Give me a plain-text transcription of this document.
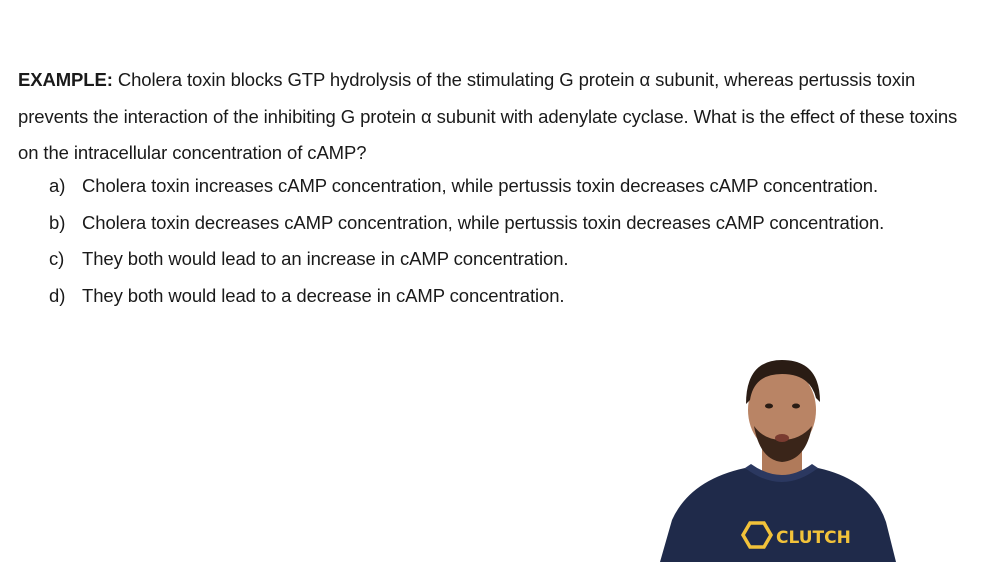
EXAMPLE: Cholera toxin blocks GTP hydrolysis of the stimulating G protein α subunit, whereas pertussis toxin prevents the interaction of the inhibiting G protein α subunit with adenylate cyclase. What is the effect of these toxins on the intracellular concentration of cAMP?
a) Cholera toxin increases cAMP concentration, while pertussis toxin decreases cAMP concentration.
b) Cholera toxin decreases cAMP concentration, while pertussis toxin decreases cAMP concentration.
c) They both would lead to an increase in cAMP concentration.
d) They both would lead to a decrease in cAMP concentration.
CLUTCH
